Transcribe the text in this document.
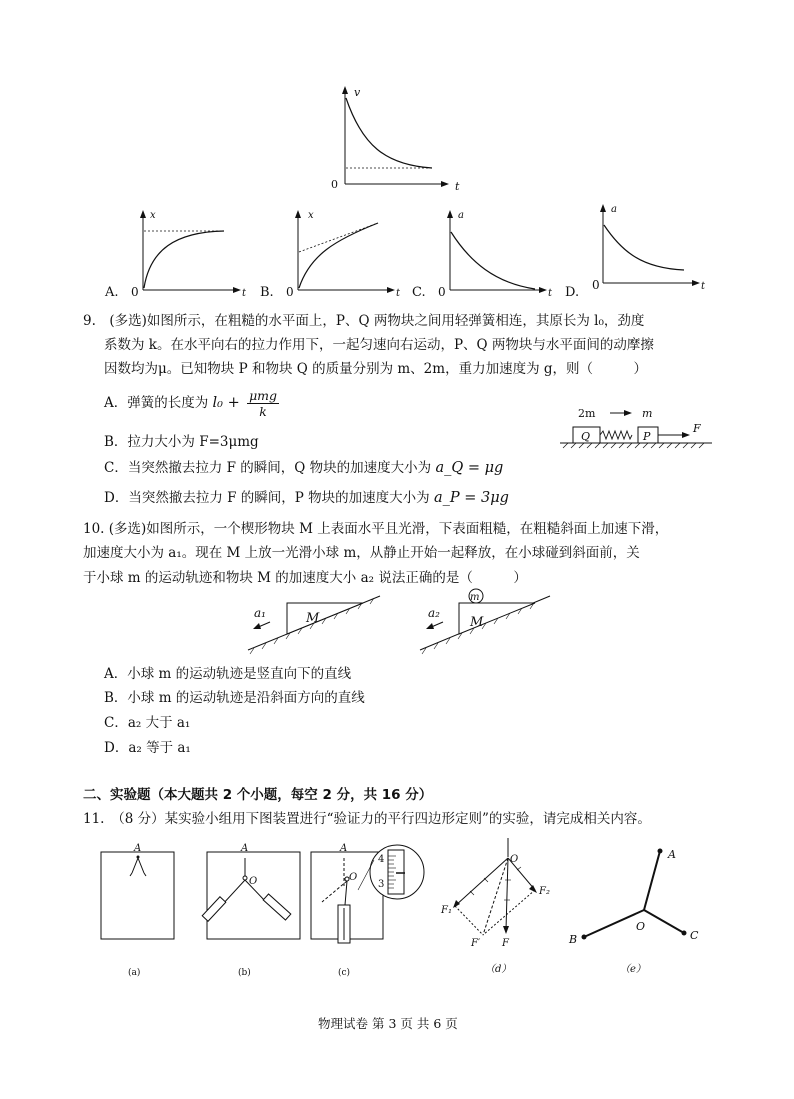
v
t
0
x
t
0
A.
x
t
0
B.
a
t
0
C.
a
t
0
D.
9.　(多选)如图所示，在粗糙的水平面上，P、Q 两物块之间用轻弹簧相连，其原长为 l₀，劲度
系数为 k。在水平向右的拉力作用下，一起匀速向右运动，P、Q 两物块与水平面间的动摩擦
因数均为μ。已知物块 P 和物块 Q 的质量分别为 m、2m，重力加速度为 g，则（　　　）
A．弹簧的长度为 $l_0 + \frac{\text{μmg}}{k}$
B．拉力大小为 F=3μmg
C．当突然撤去拉力 F 的瞬间，Q 物块的加速度大小为 a_Q = μg
D．当突然撤去拉力 F 的瞬间，P 物块的加速度大小为 a_P = 3μg
2m	m
Q	P
F
10. (多选)如图所示，一个楔形物块 M 上表面水平且光滑，下表面粗糙，在粗糙斜面上加速下滑，
加速度大小为 a₁。现在 M 上放一光滑小球 m，从静止开始一起释放，在小球碰到斜面前，关
于小球 m 的运动轨迹和物块 M 的加速度大小 a₂ 说法正确的是（　　　）
a₁	M
m
a₂
M
A．小球 m 的运动轨迹是竖直向下的直线
B．小球 m 的运动轨迹是沿斜面方向的直线
C．a₂ 大于 a₁
D．a₂ 等于 a₁
二、实验题（本大题共 2 个小题，每空 2 分，共 16 分）
11.　（8 分）某实验小组用下图装置进行“验证力的平行四边形定则”的实验，请完成相关内容。
A
(a)
A
O
(b)
4
3
A
O
(c)
O
F₁
F₂
F′ F
（d）
A
B	C
O
（e）
物理试卷 第 3 页 共 6 页
